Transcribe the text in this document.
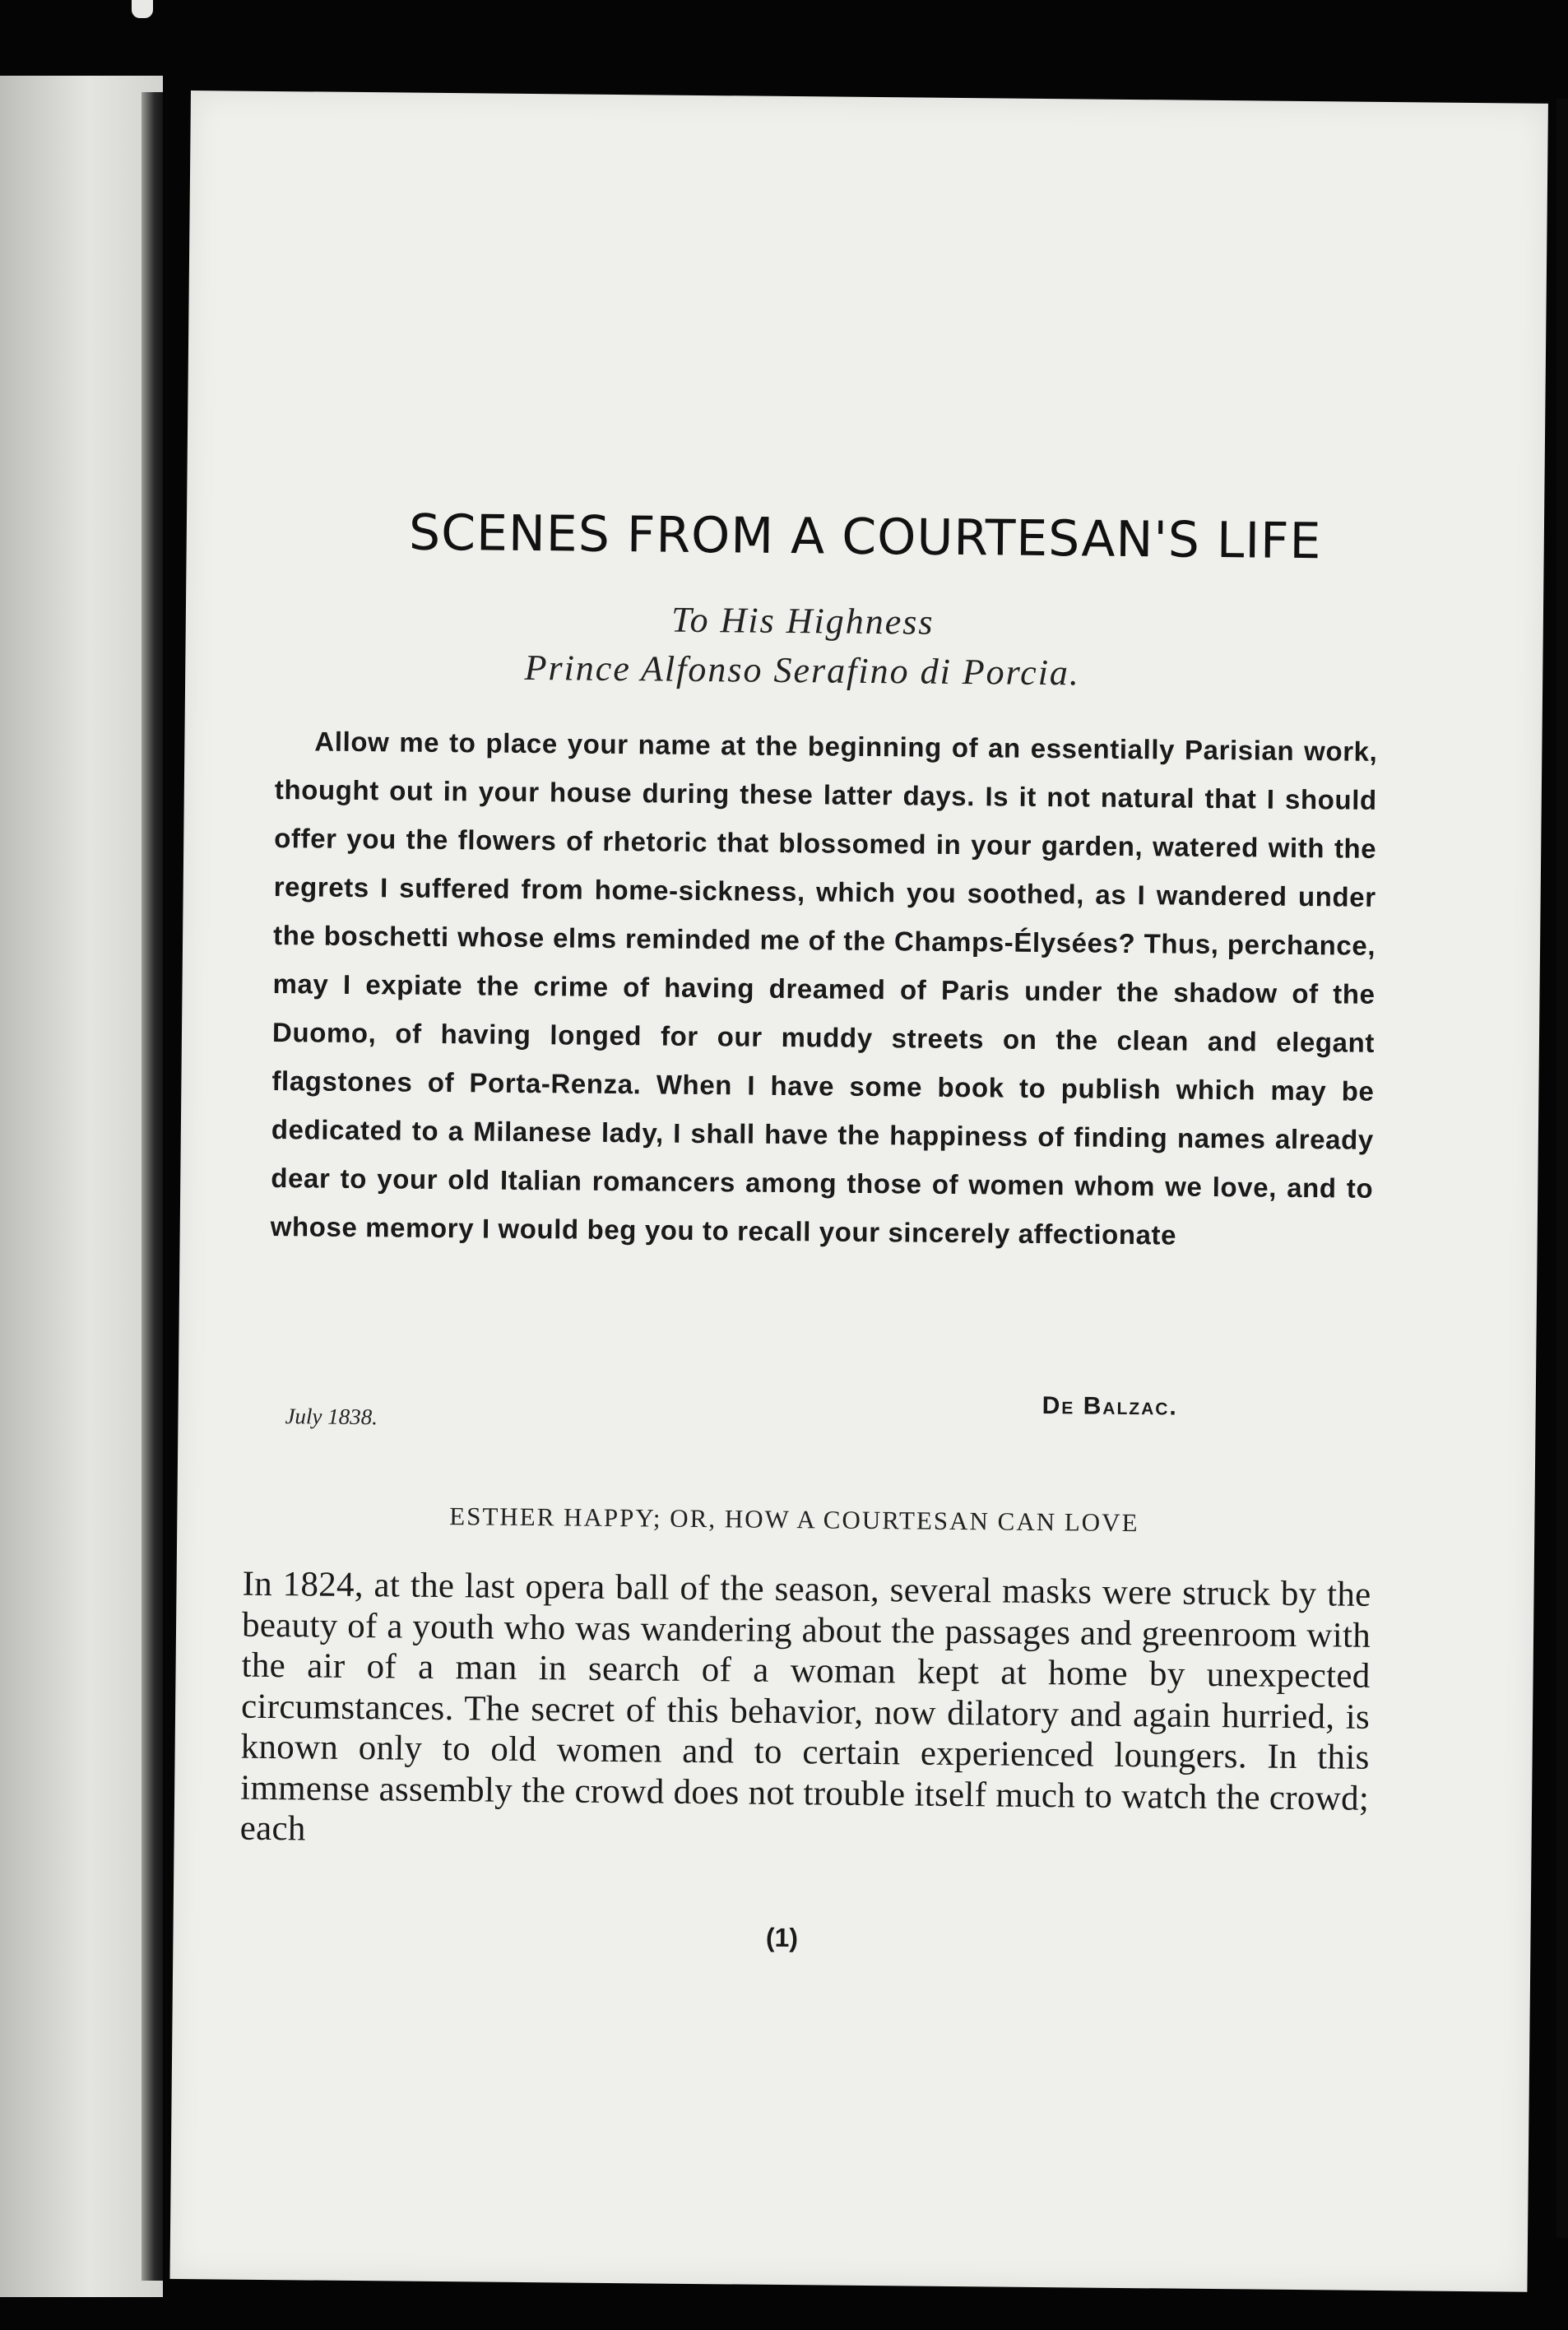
SCENES FROM A COURTESAN'S LIFE
To His Highness
Prince Alfonso Serafino di Porcia.
Allow me to place your name at the beginning of an essentially Parisian work, thought out in your house during these latter days. Is it not natural that I should offer you the flowers of rhetoric that blossomed in your garden, watered with the regrets I suffered from home-sickness, which you soothed, as I wandered under the boschetti whose elms reminded me of the Champs-Élysées? Thus, perchance, may I expiate the crime of having dreamed of Paris under the shadow of the Duomo, of having longed for our muddy streets on the clean and elegant flagstones of Porta-Renza. When I have some book to publish which may be dedicated to a Milanese lady, I shall have the happiness of finding names already dear to your old Italian romancers among those of women whom we love, and to whose memory I would beg you to recall your sincerely affectionate
July 1838.	De Balzac.
ESTHER HAPPY; OR, HOW A COURTESAN CAN LOVE
In 1824, at the last opera ball of the season, several masks were struck by the beauty of a youth who was wandering about the passages and greenroom with the air of a man in search of a woman kept at home by unexpected circumstances. The secret of this behavior, now dilatory and again hurried, is known only to old women and to certain experienced loungers. In this immense assembly the crowd does not trouble itself much to watch the crowd; each
(1)
